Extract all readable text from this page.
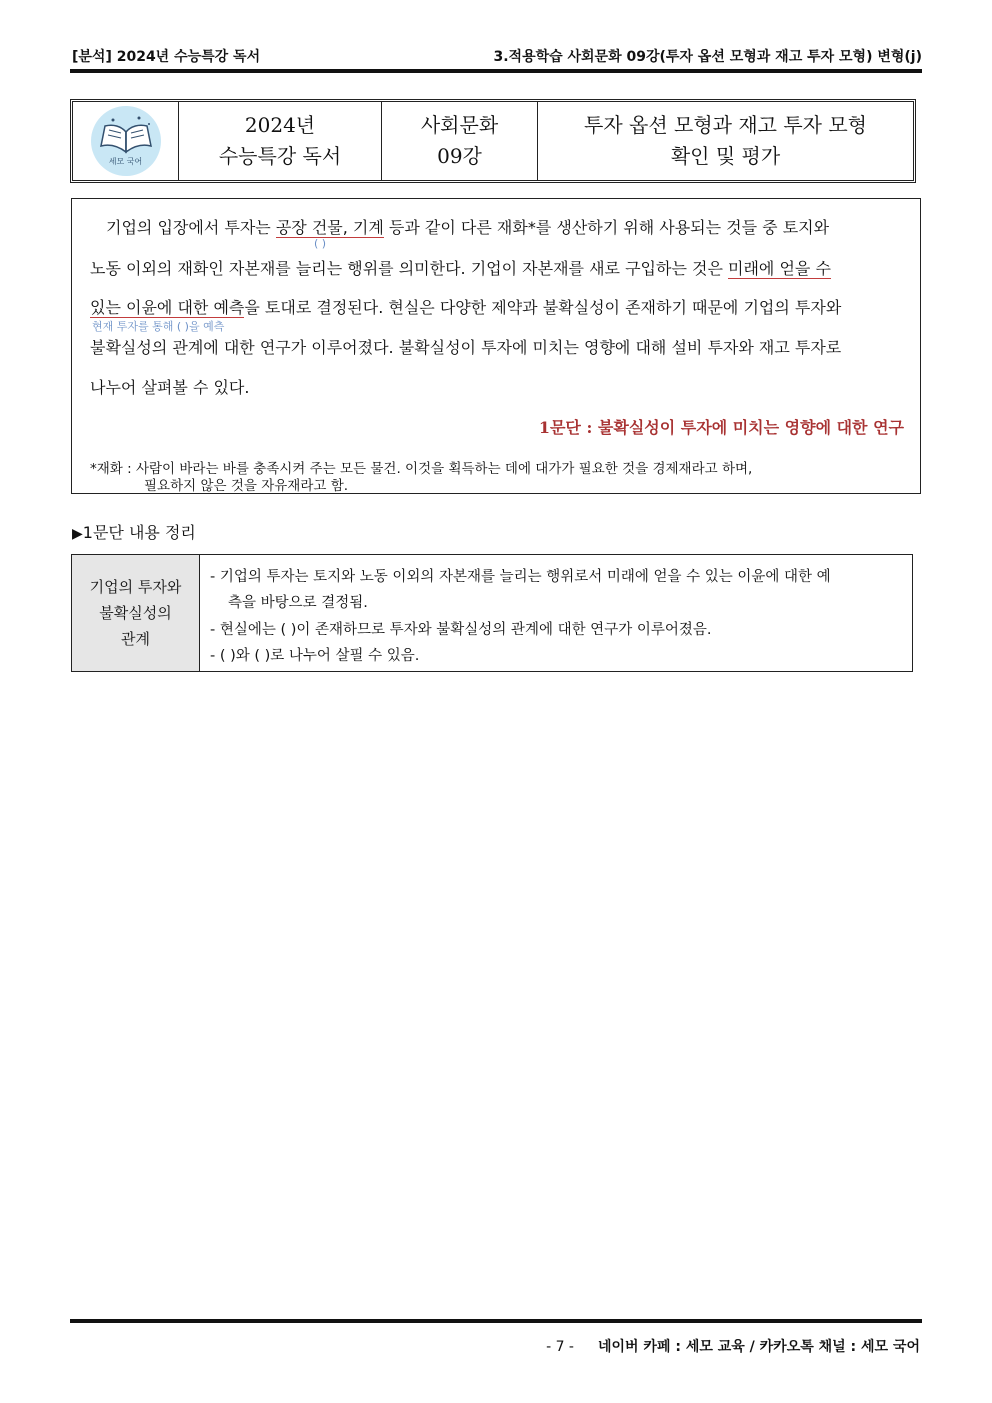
[분석] 2024년 수능특강 독서	3.적용학습 사회문화 09강(투자 옵션 모형과 재고 투자 모형) 변형(j)
세모 국어
2024년
수능특강 독서
사회문화
09강
투자 옵션 모형과 재고 투자 모형
확인 및 평가
기업의 입장에서 투자는 공장 건물, 기계 등과 같이 다른 재화*를 생산하기 위해 사용되는 것들 중 토지와
( )
노동 이외의 재화인 자본재를 늘리는 행위를 의미한다. 기업이 자본재를 새로 구입하는 것은 미래에 얻을 수
있는 이윤에 대한 예측을 토대로 결정된다. 현실은 다양한 제약과 불확실성이 존재하기 때문에 기업의 투자와
현재 투자를 통해 ( )을 예측
불확실성의 관계에 대한 연구가 이루어졌다. 불확실성이 투자에 미치는 영향에 대해 설비 투자와 재고 투자로
나누어 살펴볼 수 있다.
1문단 : 불확실성이 투자에 미치는 영향에 대한 연구
*재화 : 사람이 바라는 바를 충족시켜 주는 모든 물건. 이것을 획득하는 데에 대가가 필요한 것을 경제재라고 하며,
필요하지 않은 것을 자유재라고 함.
▶1문단 내용 정리
기업의 투자와
불확실성의
관계
- 기업의 투자는 토지와 노동 이외의 자본재를 늘리는 행위로서 미래에 얻을 수 있는 이윤에 대한 예
측을 바탕으로 결정됨.
- 현실에는 ( )이 존재하므로 투자와 불확실성의 관계에 대한 연구가 이루어졌음.
- ( )와 ( )로 나누어 살필 수 있음.
- 7 - 네이버 카페 : 세모 교육 / 카카오톡 채널 : 세모 국어
